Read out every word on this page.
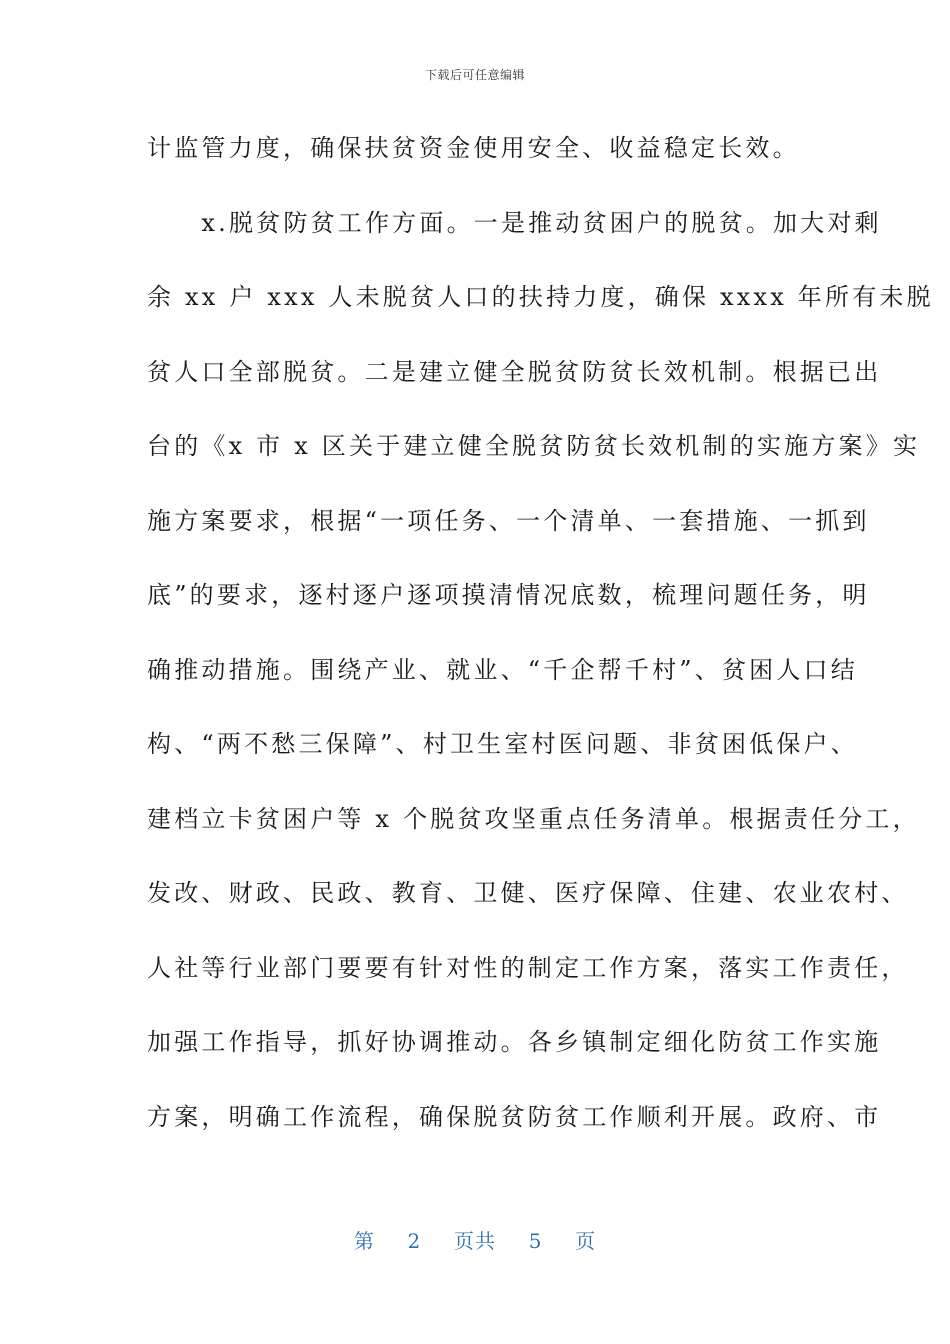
下载后可任意编辑
计监管力度，确保扶贫资金使用安全、收益稳定长效。
　　x.脱贫防贫工作方面。一是推动贫困户的脱贫。加大对剩
余 xx 户 xxx 人未脱贫人口的扶持力度，确保 xxxx 年所有未脱
贫人口全部脱贫。二是建立健全脱贫防贫长效机制。根据已出
台的《x 市 x 区关于建立健全脱贫防贫长效机制的实施方案》实
施方案要求，根据“一项任务、一个清单、一套措施、一抓到
底”的要求，逐村逐户逐项摸清情况底数，梳理问题任务，明
确推动措施。围绕产业、就业、“千企帮千村”、贫困人口结
构、“两不愁三保障”、村卫生室村医问题、非贫困低保户、
建档立卡贫困户等 x 个脱贫攻坚重点任务清单。根据责任分工，
发改、财政、民政、教育、卫健、医疗保障、住建、农业农村、
人社等行业部门要要有针对性的制定工作方案，落实工作责任，
加强工作指导，抓好协调推动。各乡镇制定细化防贫工作实施
方案，明确工作流程，确保脱贫防贫工作顺利开展。政府、市
第 2 页共 5 页
